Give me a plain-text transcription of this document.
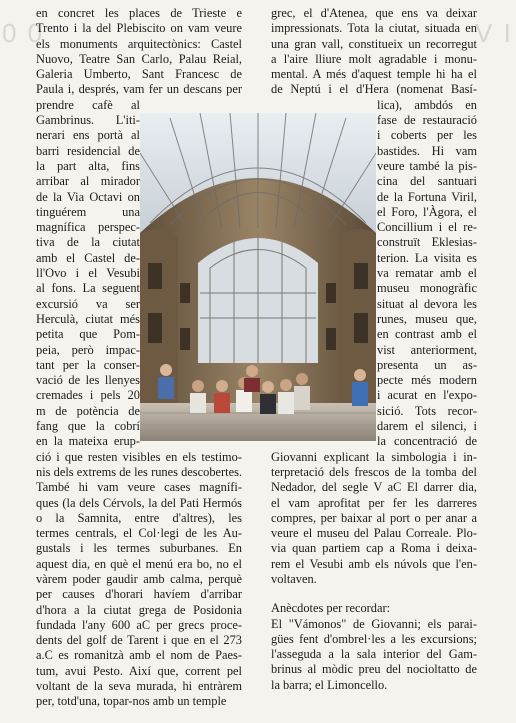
0 0	V I
en concret les places de Trieste e
Trento i la del Plebiscito on vam veure
els monuments arquitectònics: Castel
Nuovo, Teatre San Carlo, Palau Reial,
Galeria Umberto, Sant Francesc de
Paula i, després, vam fer un descans per
prendre cafè al
Gambrinus. L'iti-
nerari ens portà al
barri residencial de
la part alta, fins
arribar al mirador
de la Via Octavi on
tinguérem una
magnífica perspec-
tiva de la ciutat
amb el Castel de-
ll'Ovo i el Vesubi
al fons. La seguent
excursió va ser
Herculà, ciutat més
petita que Pom-
peia, però impac-
tant per la conser-
vació de les llenyes
cremades i pels 20
m de potència de
fang que la cobrí
en la mateixa erup-
ció i que resten visibles en els testimo-
nis dels extrems de les runes descobertes.
També hi vam veure cases magnífi-
ques (la dels Cérvols, la del Pati Hermós
o la Samnita, entre d'altres), les
termes centrals, el Col·legi de les Au-
gustals i les termes suburbanes. En
aquest dia, en què el menú era bo, no el
vàrem poder gaudir amb calma, perquè
per causes d'horari havíem d'arribar
d'hora a la ciutat grega de Posidonia
fundada l'any 600 aC per grecs proce-
dents del golf de Tarent i que en el 273
a.C es romanitzà amb el nom de Paes-
tum, avui Pesto. Així que, corrent pel
voltant de la seva murada, hi entràrem
per, totd'una, topar-nos amb un temple
grec, el d'Atenea, que ens va deixar
impressionats. Tota la ciutat, situada en
una gran vall, constitueix un recorregut
a l'aire lliure molt agradable i monu-
mental. A més d'aquest temple hi ha el
de Neptú i el d'Hera (nomenat Basí-
lica), ambdós en
fase de restauració
i coberts per les
bastides. Hi vam
veure també la pis-
cina del santuari
de la Fortuna Viril,
el Foro, l'Àgora, el
Concillium i el re-
construït Eklesias-
terion. La visita es
va rematar amb el
museu monogràfic
situat al devora les
runes, museu que,
en contrast amb el
vist anteriorment,
presenta un as-
pecte més modern
i acurat en l'expo-
sició. Tots recor-
darem el silenci, i
la concentració de
Giovanni explicant la simbologia i in-
terpretació dels frescos de la tomba del
Nedador, del segle V aC El darrer dia,
el vam aprofitat per fer les darreres
compres, per baixar al port o per anar a
veure el museu del Palau Correale. Plo-
via quan partiem cap a Roma i deixa-
rem el Vesubi amb els núvols que l'en-
voltaven.
Anècdotes per recordar:
El "Vámonos" de Giovanni; els parai-
gües fent d'ombrel·les a les excursions;
l'asseguda a la sala interior del Gam-
brinus al mòdic preu del nocioltatto de
la barra; el Limoncello.
